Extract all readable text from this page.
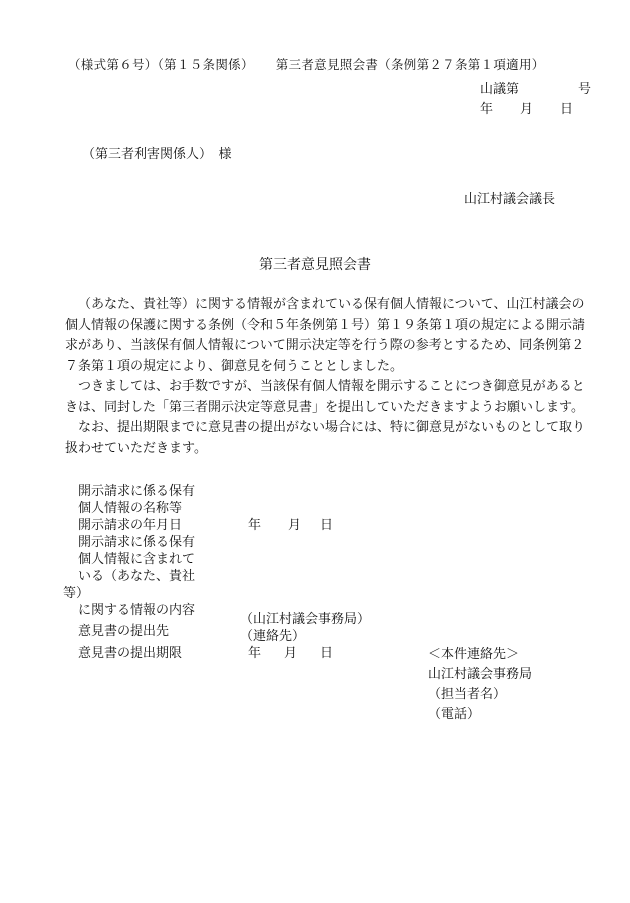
（様式第６号）（第１５条関係） 第三者意見照会書（条例第２７条第１項適用）
山議第	号
年	月	日
（第三者利害関係人）　様
山江村議会議長
第三者意見照会書

（あなた、貴社等）に関する情報が含まれている保有個人情報について、山江村議会の個人情報の保護に関する条例（令和５年条例第１号）第１９条第１項の規定による開示請求があり、当該保有個人情報について開示決定等を行う際の参考とするため、同条例第２７条第１項の規定により、御意見を伺うこととしました。

つきましては、お手数ですが、当該保有個人情報を開示することにつき御意見があるときは、同封した「第三者開示決定等意見書」を提出していただきますようお願いします。

なお、提出期限までに意見書の提出がない場合には、特に御意見がないものとして取り扱わせていただきます。

開示請求に係る保有
個人情報の名称等
開示請求の年月日	年 月 日
開示請求に係る保有
個人情報に含まれて
いる（あなた、貴社
等）
に関する情報の内容
意見書の提出先
（山江村議会事務局）
（連絡先）
意見書の提出期限	年 月 日	＜本件連絡先＞
山江村議会事務局
（担当者名）
（電話）
